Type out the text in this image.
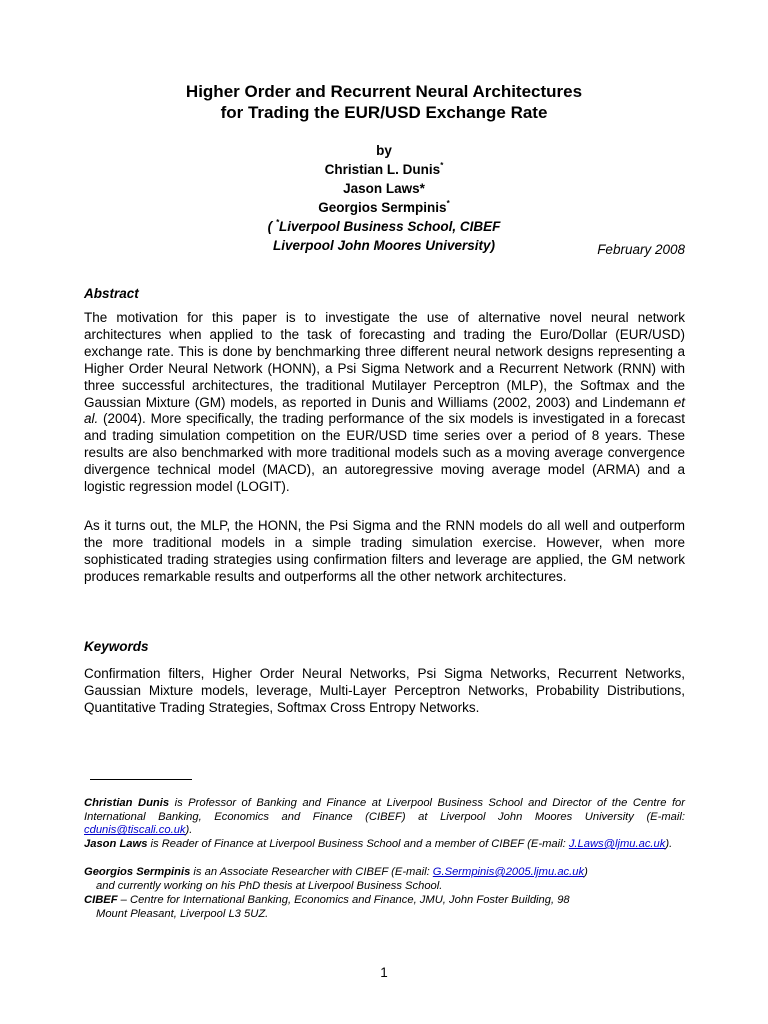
Higher Order and Recurrent Neural Architectures
for Trading the EUR/USD Exchange Rate
by
Christian L. Dunis*
Jason Laws*
Georgios Sermpinis*
( *Liverpool Business School, CIBEF
Liverpool John Moores University)	February 2008
Abstract
The motivation for this paper is to investigate the use of alternative novel neural network architectures when applied to the task of forecasting and trading the Euro/Dollar (EUR/USD) exchange rate. This is done by benchmarking three different neural network designs representing a Higher Order Neural Network (HONN), a Psi Sigma Network and a Recurrent Network (RNN) with three successful architectures, the traditional Mutilayer Perceptron (MLP), the Softmax and the Gaussian Mixture (GM) models, as reported in Dunis and Williams (2002, 2003) and Lindemann et al. (2004). More specifically, the trading performance of the six models is investigated in a forecast and trading simulation competition on the EUR/USD time series over a period of 8 years. These results are also benchmarked with more traditional models such as a moving average convergence divergence technical model (MACD), an autoregressive moving average model (ARMA) and a logistic regression model (LOGIT).
As it turns out, the MLP, the HONN, the Psi Sigma and the RNN models do all well and outperform the more traditional models in a simple trading simulation exercise. However, when more sophisticated trading strategies using confirmation filters and leverage are applied, the GM network produces remarkable results and outperforms all the other network architectures.
Keywords
Confirmation filters, Higher Order Neural Networks, Psi Sigma Networks, Recurrent Networks, Gaussian Mixture models, leverage, Multi-Layer Perceptron Networks, Probability Distributions, Quantitative Trading Strategies, Softmax Cross Entropy Networks.
Christian Dunis is Professor of Banking and Finance at Liverpool Business School and Director of the Centre for International Banking, Economics and Finance (CIBEF) at Liverpool John Moores University (E-mail: cdunis@tiscali.co.uk).
Jason Laws is Reader of Finance at Liverpool Business School and a member of CIBEF (E-mail: J.Laws@ljmu.ac.uk).
Georgios Sermpinis is an Associate Researcher with CIBEF (E-mail: G.Sermpinis@2005.ljmu.ac.uk)
and currently working on his PhD thesis at Liverpool Business School.
CIBEF – Centre for International Banking, Economics and Finance, JMU, John Foster Building, 98
Mount Pleasant, Liverpool L3 5UZ.
1
